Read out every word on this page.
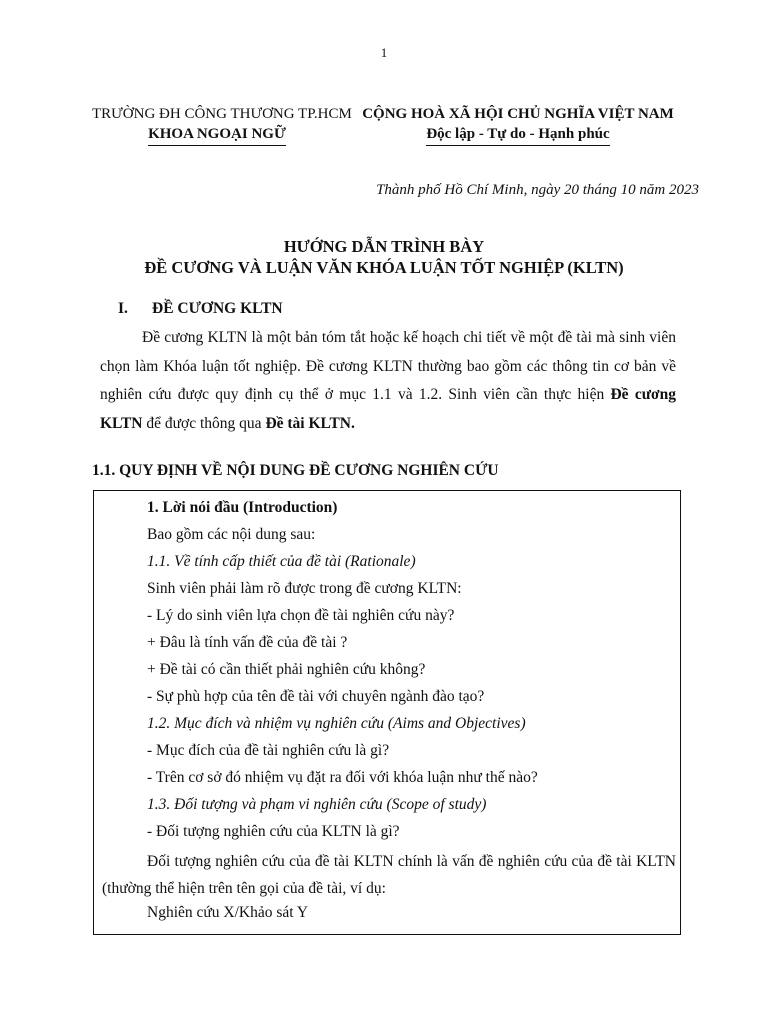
1
TRƯỜNG ĐH CÔNG THƯƠNG TP.HCM
KHOA NGOẠI NGỮ
CỘNG HOÀ XÃ HỘI CHỦ NGHĨA VIỆT NAM
Độc lập - Tự do - Hạnh phúc
Thành phố Hồ Chí Minh, ngày 20 tháng 10 năm 2023
HƯỚNG DẪN TRÌNH BÀY
ĐỀ CƯƠNG VÀ LUẬN VĂN KHÓA LUẬN TỐT NGHIỆP (KLTN)
I. ĐỀ CƯƠNG KLTN

Đề cương KLTN là một bản tóm tắt hoặc kế hoạch chi tiết về một đề tài mà sinh viên chọn làm Khóa luận tốt nghiệp. Đề cương KLTN thường bao gồm các thông tin cơ bản về nghiên cứu được quy định cụ thể ở mục 1.1 và 1.2. Sinh viên cần thực hiện Đề cương KLTN để được thông qua Đề tài KLTN.

1.1. QUY ĐỊNH VỀ NỘI DUNG ĐỀ CƯƠNG NGHIÊN CỨU
1. Lời nói đầu (Introduction)
Bao gồm các nội dung sau:
1.1. Về tính cấp thiết của đề tài (Rationale)
Sinh viên phải làm rõ được trong đề cương KLTN:
- Lý do sinh viên lựa chọn đề tài nghiên cứu này?
+ Đâu là tính vấn đề của đề tài ?
+ Đề tài có cần thiết phải nghiên cứu không?
- Sự phù hợp của tên đề tài với chuyên ngành đào tạo?
1.2. Mục đích và nhiệm vụ nghiên cứu (Aims and Objectives)
- Mục đích của đề tài nghiên cứu là gì?
- Trên cơ sở đó nhiệm vụ đặt ra đối với khóa luận như thế nào?
1.3. Đối tượng và phạm vi nghiên cứu (Scope of study)
- Đối tượng nghiên cứu của KLTN là gì?
Đối tượng nghiên cứu của đề tài KLTN chính là vấn đề nghiên cứu của đề tài KLTN (thường thể hiện trên tên gọi của đề tài, ví dụ:
Nghiên cứu X/Khảo sát Y
